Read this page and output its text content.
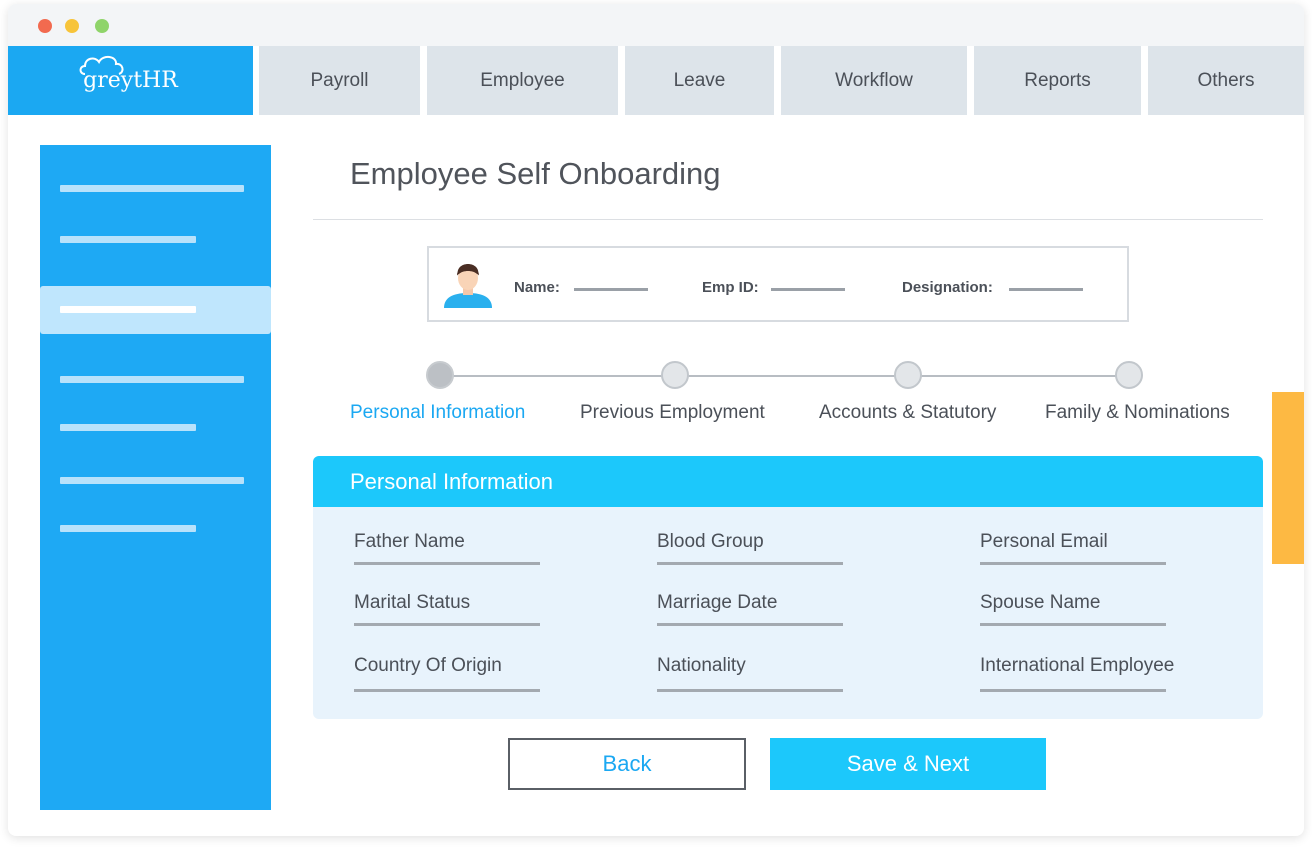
greytHR	Payroll	Employee	Leave	Workflow	Reports	Others
Employee Self Onboarding
Name:	Emp ID:	Designation:
Personal Information	Previous Employment	Accounts & Statutory	Family & Nominations
Personal Information
Father Name	Blood Group	Personal Email
Marital Status	Marriage Date	Spouse Name
Country Of Origin	Nationality	International Employee
Back	Save & Next
